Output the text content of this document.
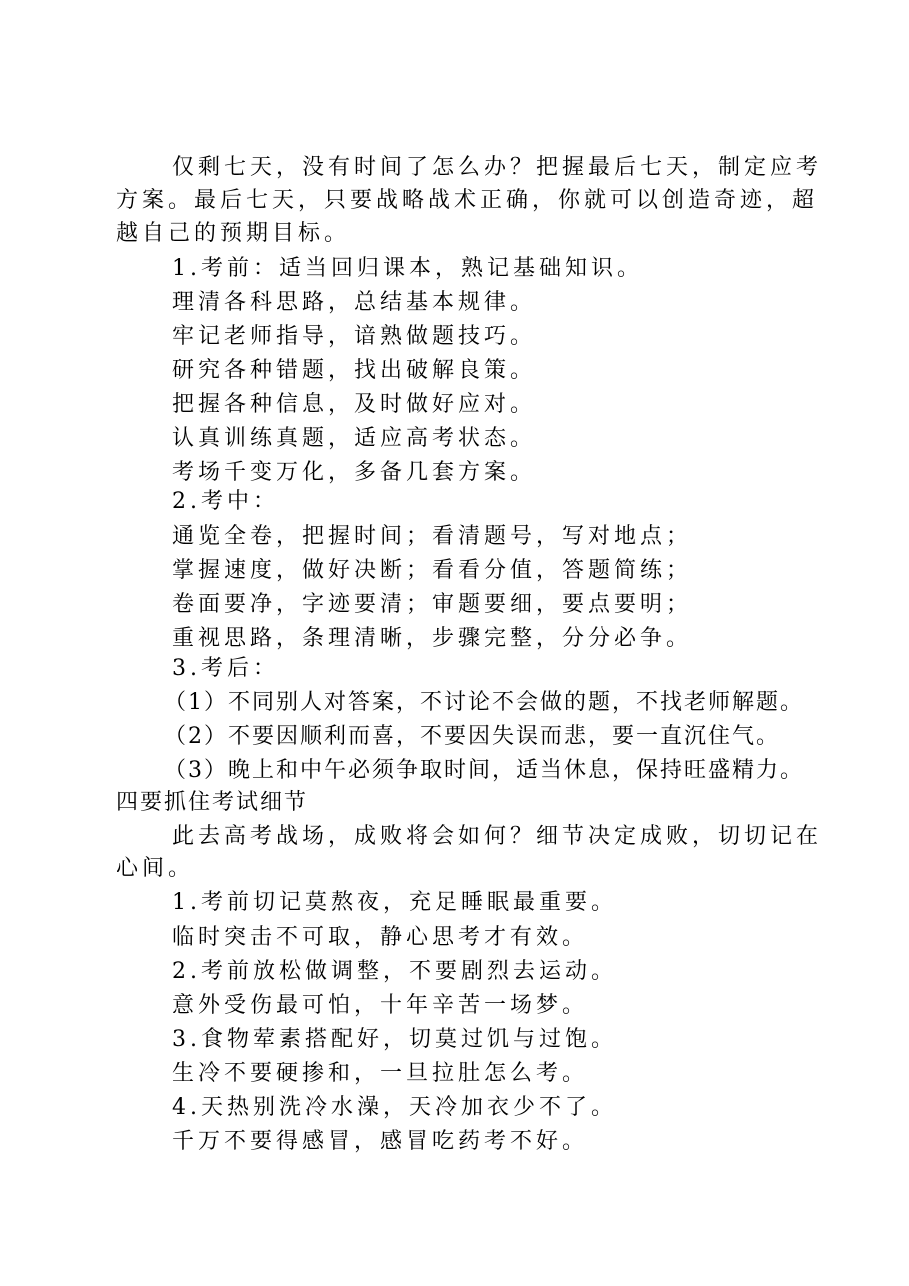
仅剩七天，没有时间了怎么办？把握最后七天，制定应考

方案。最后七天，只要战略战术正确，你就可以创造奇迹，超

越自己的预期目标。

1.考前：适当回归课本，熟记基础知识。

理清各科思路，总结基本规律。

牢记老师指导，谙熟做题技巧。

研究各种错题，找出破解良策。

把握各种信息，及时做好应对。

认真训练真题，适应高考状态。

考场千变万化，多备几套方案。

2.考中：

通览全卷，把握时间；看清题号，写对地点；

掌握速度，做好决断；看看分值，答题简练；

卷面要净，字迹要清；审题要细，要点要明；

重视思路，条理清晰，步骤完整，分分必争。

3.考后：

（1）不同别人对答案，不讨论不会做的题，不找老师解题。

（2）不要因顺利而喜，不要因失误而悲，要一直沉住气。

（3）晚上和中午必须争取时间，适当休息，保持旺盛精力。

四要抓住考试细节

此去高考战场，成败将会如何？细节决定成败，切切记在

心间。

1.考前切记莫熬夜，充足睡眠最重要。

临时突击不可取，静心思考才有效。

2.考前放松做调整，不要剧烈去运动。

意外受伤最可怕，十年辛苦一场梦。

3.食物荤素搭配好，切莫过饥与过饱。

生冷不要硬掺和，一旦拉肚怎么考。

4.天热别洗冷水澡，天冷加衣少不了。

千万不要得感冒，感冒吃药考不好。
